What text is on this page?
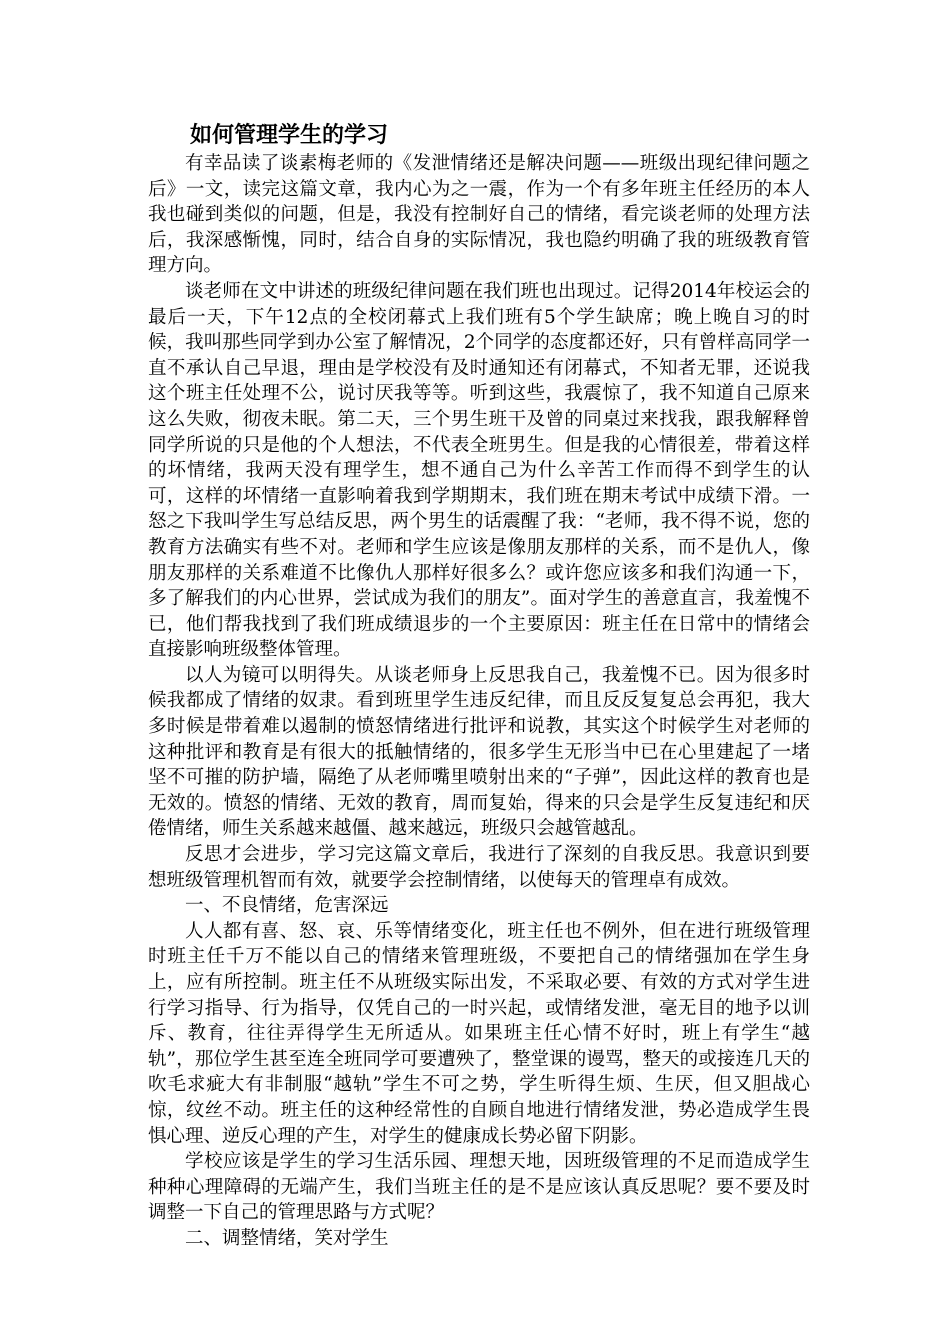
如何管理学生的学习

有幸品读了谈素梅老师的《发泄情绪还是解决问题——班级出现纪律问题之后》一文，读完这篇文章，我内心为之一震，作为一个有多年班主任经历的本人我也碰到类似的问题，但是，我没有控制好自己的情绪，看完谈老师的处理方法后，我深感惭愧，同时，结合自身的实际情况，我也隐约明确了我的班级教育管理方向。

谈老师在文中讲述的班级纪律问题在我们班也出现过。记得2014年校运会的最后一天，下午12点的全校闭幕式上我们班有5个学生缺席；晚上晚自习的时候，我叫那些同学到办公室了解情况，2个同学的态度都还好，只有曾样高同学一直不承认自己早退，理由是学校没有及时通知还有闭幕式，不知者无罪，还说我这个班主任处理不公，说讨厌我等等。听到这些，我震惊了，我不知道自己原来这么失败，彻夜未眠。第二天，三个男生班干及曾的同桌过来找我，跟我解释曾同学所说的只是他的个人想法，不代表全班男生。但是我的心情很差，带着这样的坏情绪，我两天没有理学生，想不通自己为什么辛苦工作而得不到学生的认可，这样的坏情绪一直影响着我到学期期末，我们班在期末考试中成绩下滑。一怒之下我叫学生写总结反思，两个男生的话震醒了我：“老师，我不得不说，您的教育方法确实有些不对。老师和学生应该是像朋友那样的关系，而不是仇人，像朋友那样的关系难道不比像仇人那样好很多么？或许您应该多和我们沟通一下，多了解我们的内心世界，尝试成为我们的朋友”。面对学生的善意直言，我羞愧不已，他们帮我找到了我们班成绩退步的一个主要原因：班主任在日常中的情绪会直接影响班级整体管理。

以人为镜可以明得失。从谈老师身上反思我自己，我羞愧不已。因为很多时候我都成了情绪的奴隶。看到班里学生违反纪律，而且反反复复总会再犯，我大多时候是带着难以遏制的愤怒情绪进行批评和说教，其实这个时候学生对老师的这种批评和教育是有很大的抵触情绪的，很多学生无形当中已在心里建起了一堵坚不可摧的防护墙，隔绝了从老师嘴里喷射出来的“子弹”，因此这样的教育也是无效的。愤怒的情绪、无效的教育，周而复始，得来的只会是学生反复违纪和厌倦情绪，师生关系越来越僵、越来越远，班级只会越管越乱。

反思才会进步，学习完这篇文章后，我进行了深刻的自我反思。我意识到要想班级管理机智而有效，就要学会控制情绪，以使每天的管理卓有成效。

一、不良情绪，危害深远

人人都有喜、怒、哀、乐等情绪变化，班主任也不例外，但在进行班级管理时班主任千万不能以自己的情绪来管理班级，不要把自己的情绪强加在学生身上，应有所控制。班主任不从班级实际出发，不采取必要、有效的方式对学生进行学习指导、行为指导，仅凭自己的一时兴起，或情绪发泄，毫无目的地予以训斥、教育，往往弄得学生无所适从。如果班主任心情不好时，班上有学生“越轨”，那位学生甚至连全班同学可要遭殃了，整堂课的谩骂，整天的或接连几天的吹毛求疵大有非制服“越轨”学生不可之势，学生听得生烦、生厌，但又胆战心惊，纹丝不动。班主任的这种经常性的自顾自地进行情绪发泄，势必造成学生畏惧心理、逆反心理的产生，对学生的健康成长势必留下阴影。

学校应该是学生的学习生活乐园、理想天地，因班级管理的不足而造成学生种种心理障碍的无端产生，我们当班主任的是不是应该认真反思呢？要不要及时调整一下自己的管理思路与方式呢？

二、调整情绪，笑对学生
